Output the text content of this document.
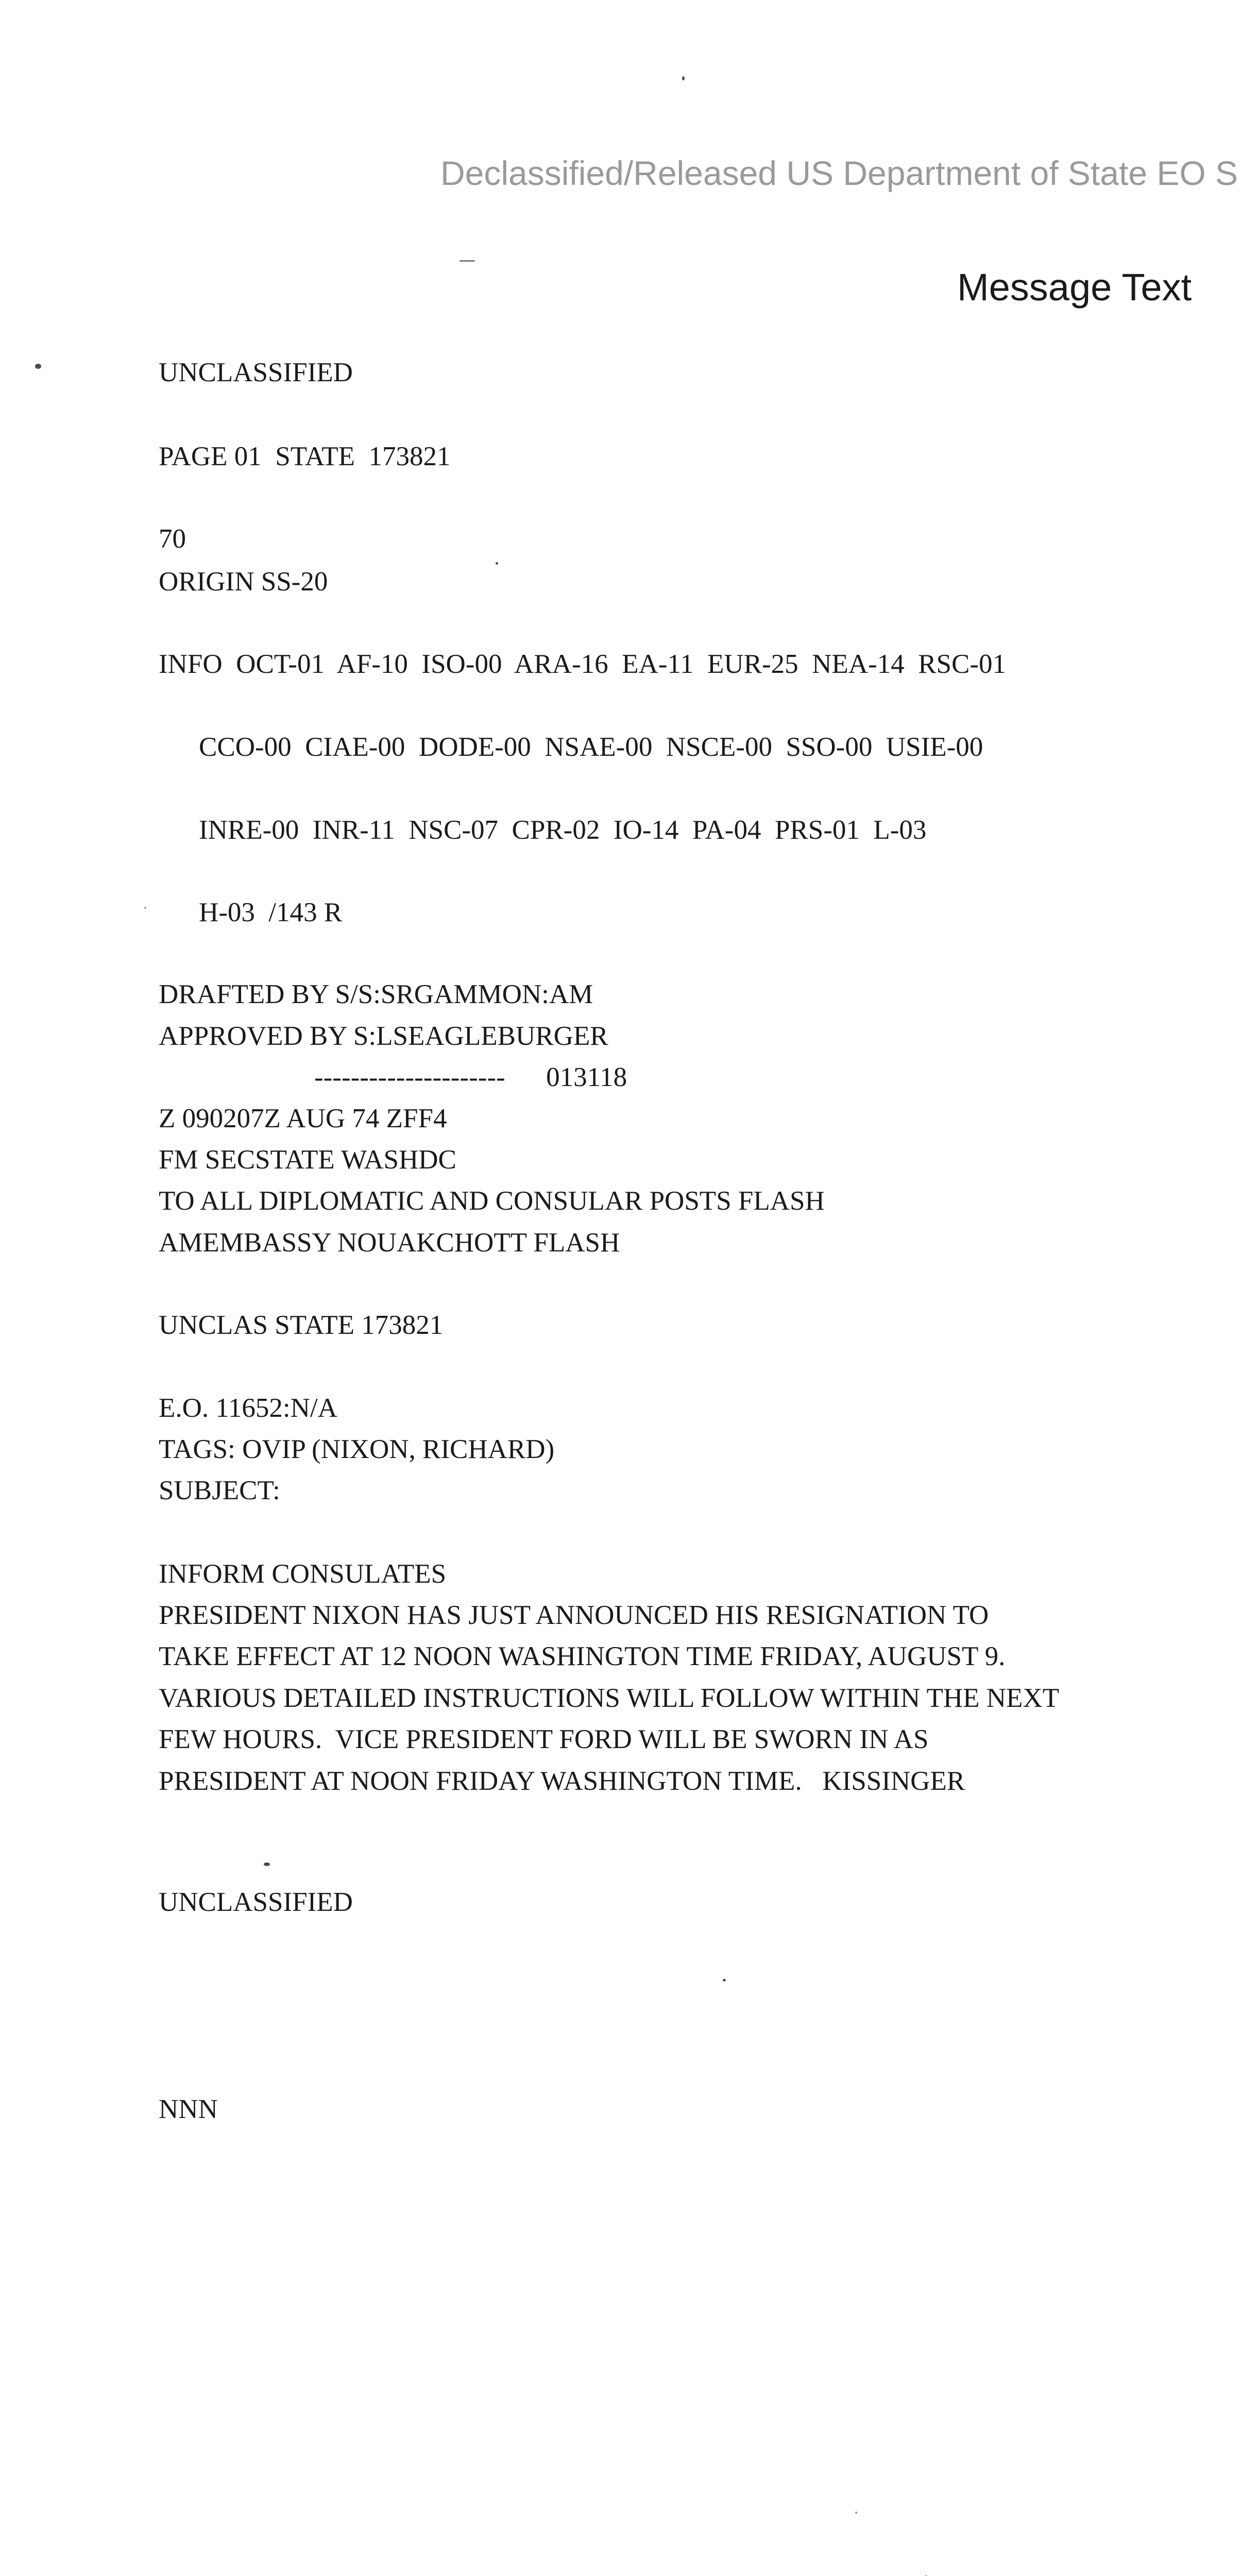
Declassified/Released US Department of State EO S
Message Text
UNCLASSIFIED
PAGE 01  STATE  173821
70
ORIGIN SS-20
INFO  OCT-01  AF-10  ISO-00  ARA-16  EA-11  EUR-25  NEA-14  RSC-01
CCO-00  CIAE-00  DODE-00  NSAE-00  NSCE-00  SSO-00  USIE-00
INRE-00  INR-11  NSC-07  CPR-02  IO-14  PA-04  PRS-01  L-03
H-03  /143 R
DRAFTED BY S/S:SRGAMMON:AM
APPROVED BY S:LSEAGLEBURGER
---------------------      013118
Z 090207Z AUG 74 ZFF4
FM SECSTATE WASHDC
TO ALL DIPLOMATIC AND CONSULAR POSTS FLASH
AMEMBASSY NOUAKCHOTT FLASH
UNCLAS STATE 173821
E.O. 11652:N/A
TAGS: OVIP (NIXON, RICHARD)
SUBJECT:
INFORM CONSULATES
PRESIDENT NIXON HAS JUST ANNOUNCED HIS RESIGNATION TO
TAKE EFFECT AT 12 NOON WASHINGTON TIME FRIDAY, AUGUST 9.
VARIOUS DETAILED INSTRUCTIONS WILL FOLLOW WITHIN THE NEXT
FEW HOURS.  VICE PRESIDENT FORD WILL BE SWORN IN AS
PRESIDENT AT NOON FRIDAY WASHINGTON TIME.   KISSINGER
UNCLASSIFIED
NNN
